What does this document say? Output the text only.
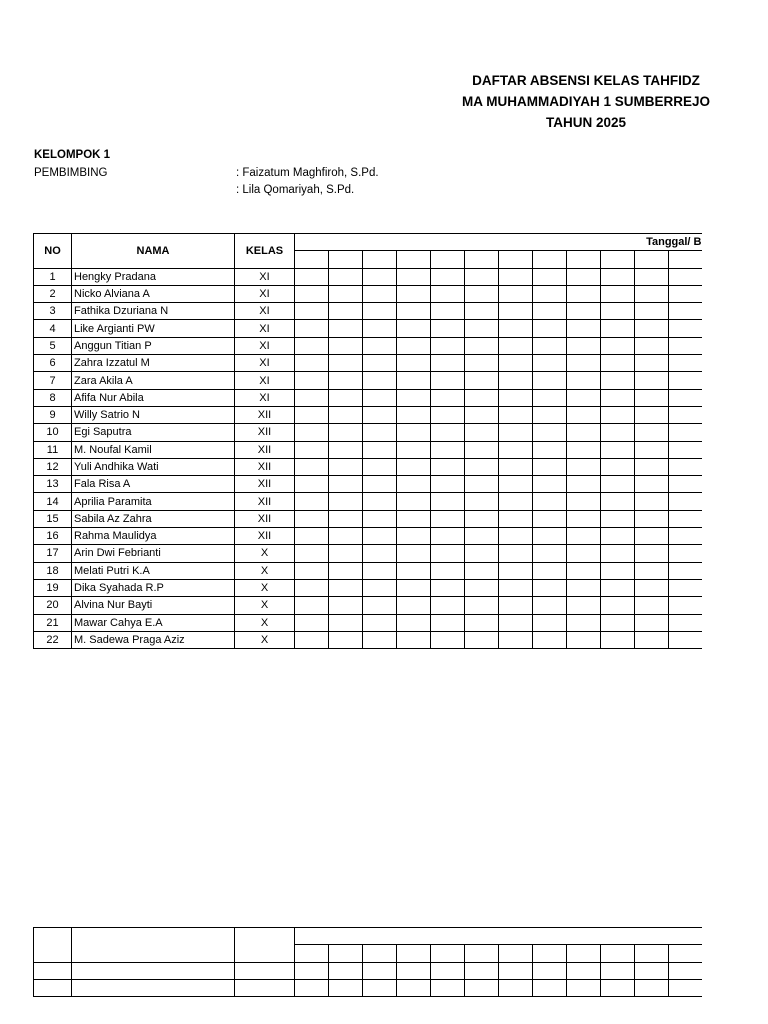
DAFTAR ABSENSI KELAS TAHFIDZ
MA MUHAMMADIYAH 1 SUMBERREJO
TAHUN 2025
KELOMPOK 1
PEMBIMBING	: Faizatum Maghfiroh, S.Pd.
: Lila Qomariyah, S.Pd.
NO	NAMA	KELAS	Tanggal/ B											

1	Hengky Pradana	XI												
2	Nicko Alviana A	XI												
3	Fathika Dzuriana N	XI												
4	Like Argianti PW	XI												
5	Anggun Titian P	XI												
6	Zahra Izzatul M	XI												
7	Zara Akila A	XI												
8	Afifa Nur Abila	XI												
9	Willy Satrio N	XII												
10	Egi Saputra	XII												
11	M. Noufal Kamil	XII												
12	Yuli Andhika Wati	XII												
13	Fala Risa A	XII												
14	Aprilia Paramita	XII												
15	Sabila Az Zahra	XII												
16	Rahma Maulidya	XII												
17	Arin Dwi Febrianti	X												
18	Melati Putri K.A	X												
19	Dika Syahada R.P	X												
20	Alvina Nur Bayti	X												
21	Mawar Cahya E.A	X												
22	M. Sadewa Praga Aziz	X												
